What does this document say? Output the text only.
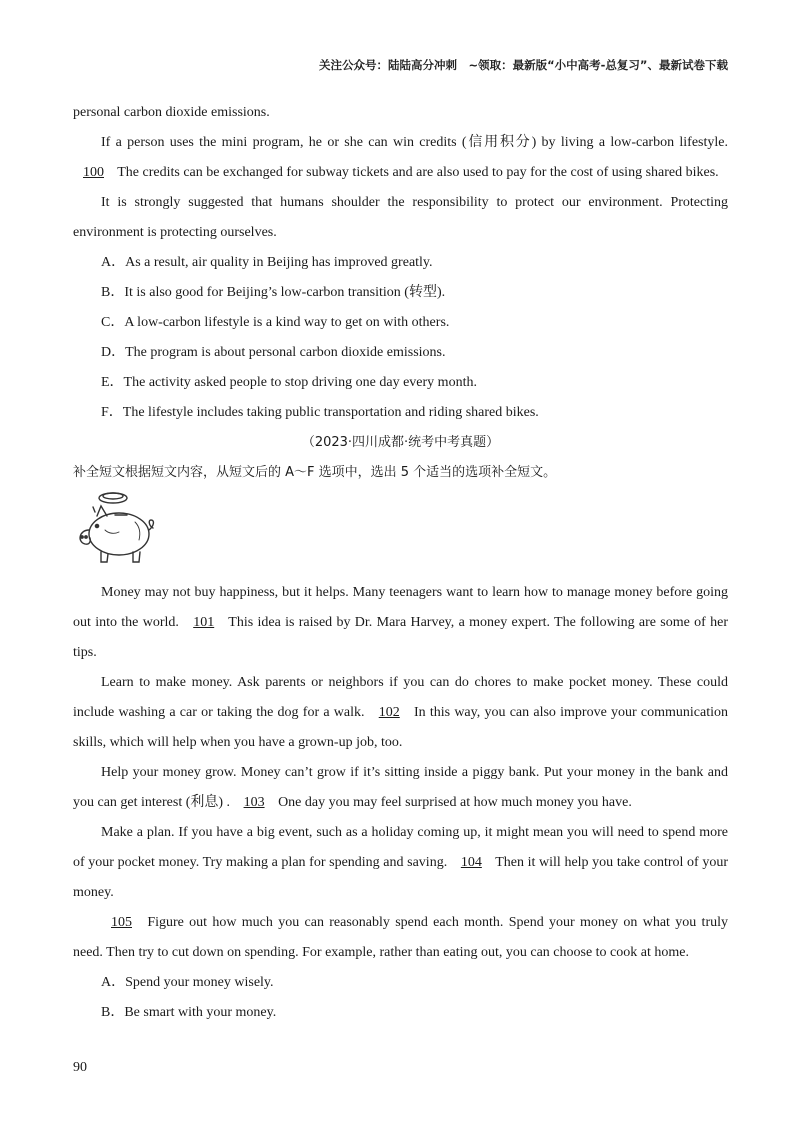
关注公众号：陆陆高分冲刺　~领取：最新版“小中高考-总复习”、最新试卷下载

personal carbon dioxide emissions.

If a person uses the mini program, he or she can win credits (信用积分) by living a low-carbon lifestyle. 100 The credits can be exchanged for subway tickets and are also used to pay for the cost of using shared bikes.

It is strongly suggested that humans shoulder the responsibility to protect our environment. Protecting environment is protecting ourselves.

A．As a result, air quality in Beijing has improved greatly.
B．It is also good for Beijing’s low-carbon transition (转型).
C．A low-carbon lifestyle is a kind way to get on with others.
D．The program is about personal carbon dioxide emissions.
E．The activity asked people to stop driving one day every month.
F．The lifestyle includes taking public transportation and riding shared bikes.
（2023·四川成都·统考中考真题）
补全短文根据短文内容，从短文后的 A～F 选项中，选出 5 个适当的选项补全短文。

Money may not buy happiness, but it helps. Many teenagers want to learn how to manage money before going out into the world. 101 This idea is raised by Dr. Mara Harvey, a money expert. The following are some of her tips.

Learn to make money. Ask parents or neighbors if you can do chores to make pocket money. These could include washing a car or taking the dog for a walk. 102 In this way, you can also improve your communication skills, which will help when you have a grown-up job, too.

Help your money grow. Money can’t grow if it’s sitting inside a piggy bank. Put your money in the bank and you can get interest (利息) . 103 One day you may feel surprised at how much money you have.

Make a plan. If you have a big event, such as a holiday coming up, it might mean you will need to spend more of your pocket money. Try making a plan for spending and saving. 104 Then it will help you take control of your money.

105 Figure out how much you can reasonably spend each month. Spend your money on what you truly need. Then try to cut down on spending. For example, rather than eating out, you can choose to cook at home.

A．Spend your money wisely.
B．Be smart with your money.
90
